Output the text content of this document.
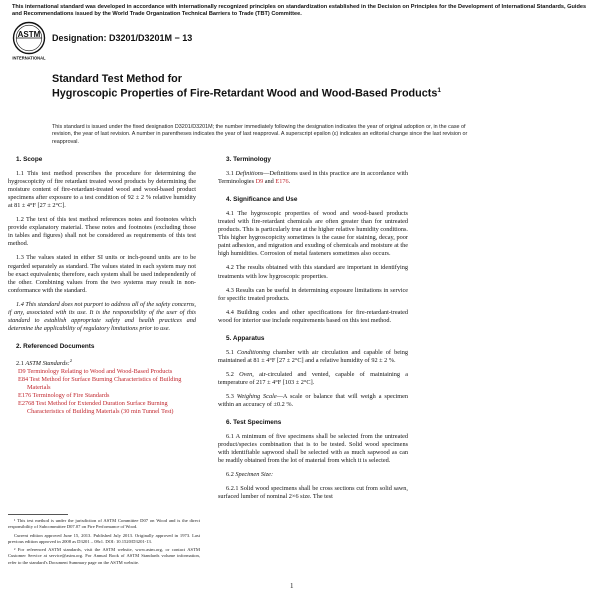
This international standard was developed in accordance with internationally recognized principles on standardization established in the Decision on Principles for the Development of International Standards, Guides and Recommendations issued by the World Trade Organization Technical Barriers to Trade (TBT) Committee.
ASTM
INTERNATIONAL
Designation: D3201/D3201M − 13
Standard Test Method for
Hygroscopic Properties of Fire-Retardant Wood and Wood-Based Products$^1$
This standard is issued under the fixed designation D3201/D3201M; the number immediately following the designation indicates the year of original adoption or, in the case of revision, the year of last revision. A number in parentheses indicates the year of last reapproval. A superscript epsilon (ε) indicates an editorial change since the last revision or reapproval.

1. Scope

1.1 This test method prescribes the procedure for determining the hygroscopicity of fire retardant treated wood products by determining the moisture content of fire-retardant-treated wood and wood-based product specimens after exposure to a test condition of 92 ± 2 % relative humidity at 81 ± 4°F [27 ± 2°C].

1.2 The text of this test method references notes and footnotes which provide explanatory material. These notes and footnotes (excluding those in tables and figures) shall not be considered as requirements of this test method.

1.3 The values stated in either SI units or inch-pound units are to be regarded separately as standard. The values stated in each system may not be exact equivalents; therefore, each system shall be used independently of the other. Combining values from the two systems may result in non-conformance with the standard.

1.4 This standard does not purport to address all of the safety concerns, if any, associated with its use. It is the responsibility of the user of this standard to establish appropriate safety and health practices and determine the applicability of regulatory limitations prior to use.

2. Referenced Documents

2.1 ASTM Standards:$^2$
D9 Terminology Relating to Wood and Wood-Based Products
E84 Test Method for Surface Burning Characteristics of Building Materials
E176 Terminology of Fire Standards
E2768 Test Method for Extended Duration Surface Burning Characteristics of Building Materials (30 min Tunnel Test)

¹ This test method is under the jurisdiction of ASTM Committee D07 on Wood and is the direct responsibility of Subcommittee D07.07 on Fire Performance of Wood.

Current edition approved June 15, 2013. Published July 2013. Originally approved in 1973. Last previous edition approved in 2008 as D3201 – 08ε1. DOI: 10.1520/D3201-13.

² For referenced ASTM standards, visit the ASTM website, www.astm.org, or contact ASTM Customer Service at service@astm.org. For Annual Book of ASTM Standards volume information, refer to the standard's Document Summary page on the ASTM website.

3. Terminology

3.1 Definitions—Definitions used in this practice are in accordance with Terminologies D9 and E176.

4. Significance and Use

4.1 The hygroscopic properties of wood and wood-based products treated with fire-retardant chemicals are often greater than for untreated products. This is particularly true at the higher relative humidity conditions. This higher hygroscopicity sometimes is the cause for staining, decay, poor paint adhesion, and migration and exuding of chemicals and moisture at the high humidities. Corrosion of metal fasteners sometimes also occurs.

4.2 The results obtained with this standard are important in identifying treatments with low hygroscopic properties.

4.3 Results can be useful in determining exposure limitations in service for specific treated products.

4.4 Building codes and other specifications for fire-retardant-treated wood for interior use include requirements based on this test method.

5. Apparatus

5.1 Conditioning chamber with air circulation and capable of being maintained at 81 ± 4°F [27 ± 2°C] and a relative humidity of 92 ± 2 %.

5.2 Oven, air-circulated and vented, capable of maintaining a temperature of 217 ± 4°F [103 ± 2°C].

5.3 Weighing Scale—A scale or balance that will weigh a specimen within an accuracy of ±0.2 %.

6. Test Specimens

6.1 A minimum of five specimens shall be selected from the untreated product/species combination that is to be tested. Solid wood specimens with identifiable sapwood shall be selected with as much sapwood as can be readily obtained from the lot of material from which it is selected.

6.2 Specimen Size:

6.2.1 Solid wood specimens shall be cross sections cut from solid sawn, surfaced lumber of nominal 2×6 size. The test

1
